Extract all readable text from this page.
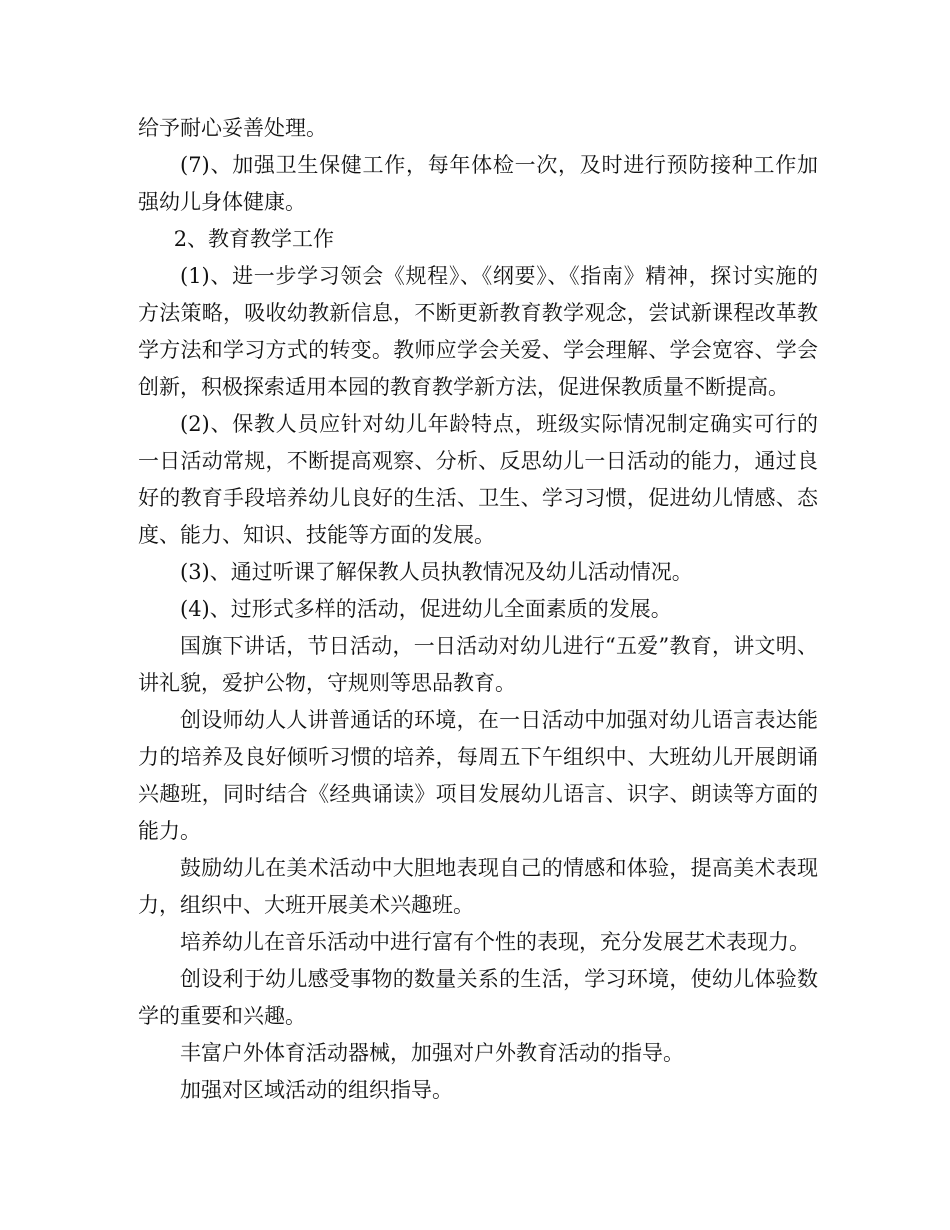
给予耐心妥善处理。

(7)、加强卫生保健工作，每年体检一次，及时进行预防接种工作加强幼儿身体健康。

2、教育教学工作

(1)、进一步学习领会《规程》、《纲要》、《指南》精神，探讨实施的方法策略，吸收幼教新信息，不断更新教育教学观念，尝试新课程改革教学方法和学习方式的转变。教师应学会关爱、学会理解、学会宽容、学会创新，积极探索适用本园的教育教学新方法，促进保教质量不断提高。

(2)、保教人员应针对幼儿年龄特点，班级实际情况制定确实可行的一日活动常规，不断提高观察、分析、反思幼儿一日活动的能力，通过良好的教育手段培养幼儿良好的生活、卫生、学习习惯，促进幼儿情感、态度、能力、知识、技能等方面的发展。

(3)、通过听课了解保教人员执教情况及幼儿活动情况。

(4)、过形式多样的活动，促进幼儿全面素质的发展。

国旗下讲话，节日活动，一日活动对幼儿进行“五爱”教育，讲文明、讲礼貌，爱护公物，守规则等思品教育。

创设师幼人人讲普通话的环境，在一日活动中加强对幼儿语言表达能力的培养及良好倾听习惯的培养，每周五下午组织中、大班幼儿开展朗诵兴趣班，同时结合《经典诵读》项目发展幼儿语言、识字、朗读等方面的能力。

鼓励幼儿在美术活动中大胆地表现自己的情感和体验，提高美术表现力，组织中、大班开展美术兴趣班。

培养幼儿在音乐活动中进行富有个性的表现，充分发展艺术表现力。

创设利于幼儿感受事物的数量关系的生活，学习环境，使幼儿体验数学的重要和兴趣。

丰富户外体育活动器械，加强对户外教育活动的指导。

加强对区域活动的组织指导。
